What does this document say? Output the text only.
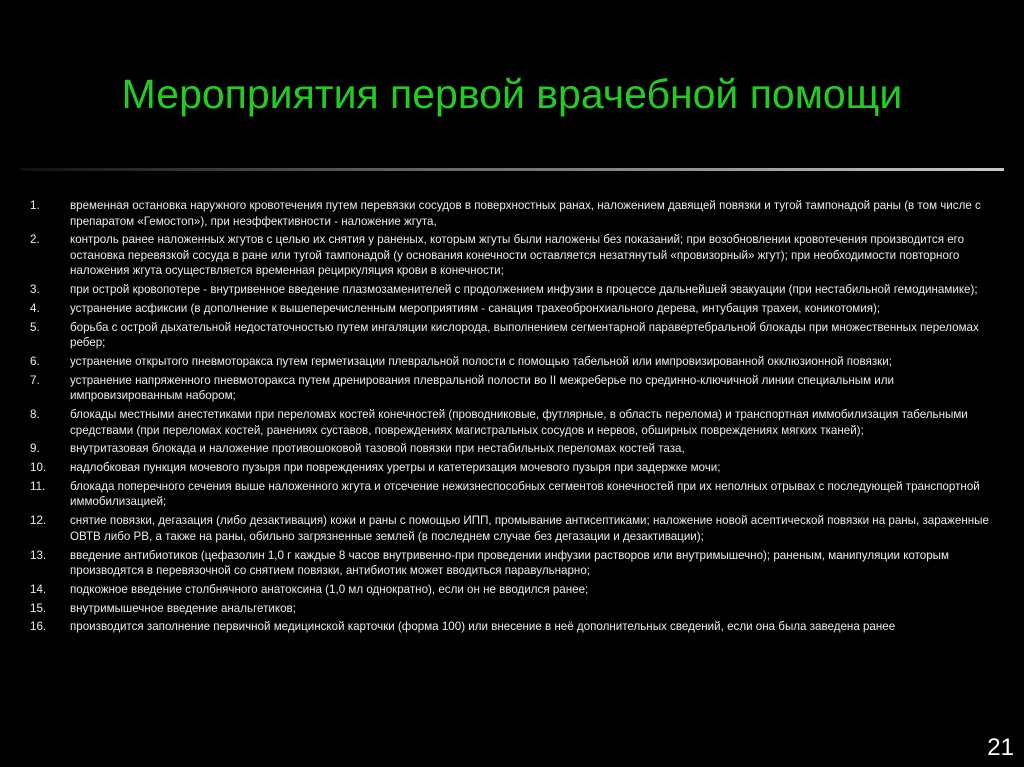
Мероприятия первой врачебной помощи
1.	временная остановка наружного кровотечения путем перевязки сосудов в поверхностных ранах, наложением давящей повязки и тугой тампонадой раны (в том числе с препаратом «Гемостоп»), при неэффективности - наложение жгута,
2.	контроль ранее наложенных жгутов с целью их снятия у раненых, которым жгуты были наложены без показаний; при возобновлении кровотечения производится его остановка перевязкой сосуда в ране или тугой тампонадой (у основания конечности оставляется незатянутый «провизорный» жгут); при необходимости повторного наложения жгута осуществляется временная рециркуляция крови в конечности;
3.	при острой кровопотере - внутривенное введение плазмозаменителей с продолжением инфузии в процессе дальнейшей эвакуации (при нестабильной гемодинамике);
4.	устранение асфиксии (в дополнение к вышеперечисленным мероприятиям - санация трахеобронхиального дерева, интубация трахеи, коникотомия);
5.	борьба с острой дыхательной недостаточностью путем ингаляции кислорода, выполнением сегментарной паравертебральной блокады при множественных переломах ребер;
6.	устранение открытого пневмоторакса путем герметизации плевральной полости с помощью табельной или импровизированной окклюзионной повязки;
7.	устранение напряженного пневмоторакса путем дренирования плевральной полости во II межреберье по срединно-ключичной линии специальным или импровизированным набором;
8.	блокады местными анестетиками при переломах костей конечностей (проводниковые, футлярные, в область перелома) и транспортная иммобилизация табельными средствами (при переломах костей, ранениях суставов, повреждениях магистральных сосудов и нервов, обширных повреждениях мягких тканей);
9.	внутритазовая блокада и наложение противошоковой тазовой повязки при нестабильных переломах костей таза,
10.	надлобковая пункция мочевого пузыря при повреждениях уретры и катетеризация мочевого пузыря при задержке мочи;
11.	блокада поперечного сечения выше наложенного жгута и отсечение нежизнеспособных сегментов конечностей при их неполных отрывах с последующей транспортной иммобилизацией;
12.	снятие повязки, дегазация (либо дезактивация) кожи и раны с помощью ИПП, промывание антисептиками; наложение новой асептической повязки на раны, зараженные ОВТВ либо РВ, а также на раны, обильно загрязненные землей (в последнем случае без дегазации и дезактивации);
13.	введение антибиотиков (цефазолин 1,0 г каждые 8 часов внутривенно-при проведении инфузии растворов или внутримышечно); раненым, манипуляции которым производятся в перевязочной со снятием повязки, антибиотик может вводиться паравульнарно;
14.	подкожное введение столбнячного анатоксина (1,0 мл однократно), если он не вводился ранее;
15.	внутримышечное введение анальгетиков;
16.	производится заполнение первичной медицинской карточки (форма 100) или внесение в неё дополнительных сведений, если она была заведена ранее
21
